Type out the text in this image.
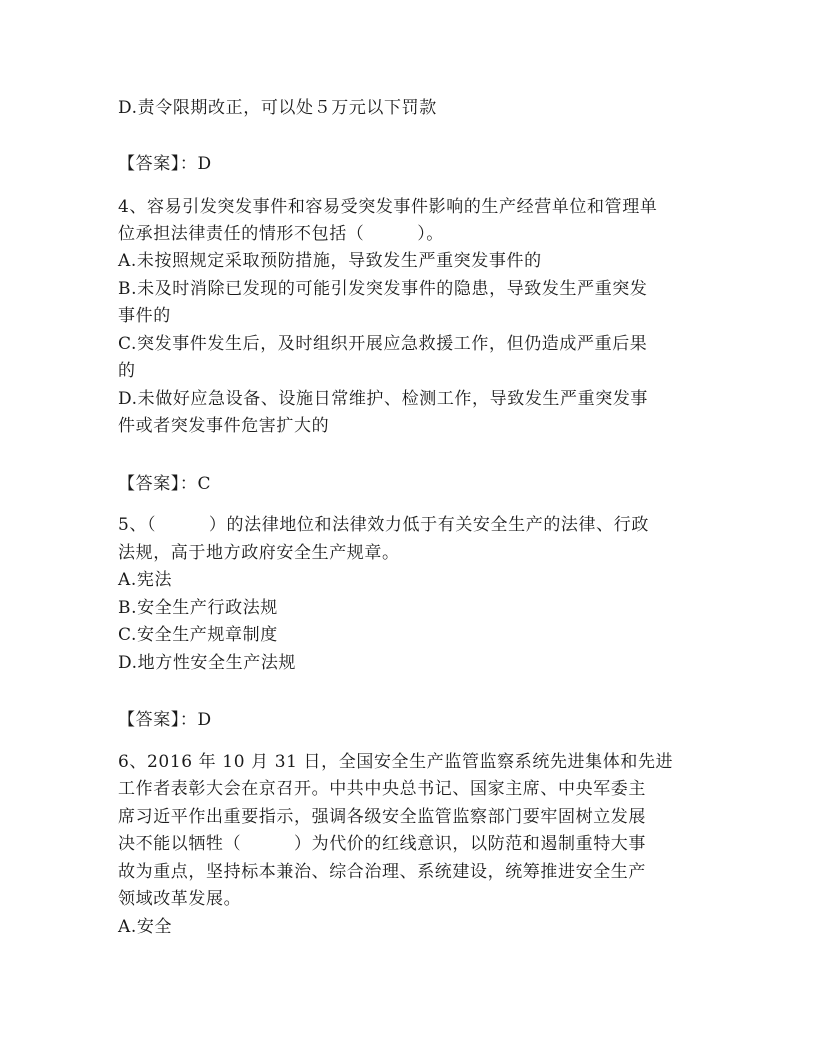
D.责令限期改正，可以处５万元以下罚款
【答案】：D
4、容易引发突发事件和容易受突发事件影响的生产经营单位和管理单
位承担法律责任的情形不包括（　　　）。
A.未按照规定采取预防措施，导致发生严重突发事件的
B.未及时消除已发现的可能引发突发事件的隐患，导致发生严重突发
事件的
C.突发事件发生后，及时组织开展应急救援工作，但仍造成严重后果
的
D.未做好应急设备、设施日常维护、检测工作，导致发生严重突发事
件或者突发事件危害扩大的
【答案】：C
5、（　　　）的法律地位和法律效力低于有关安全生产的法律、行政
法规，高于地方政府安全生产规章。
A.宪法
B.安全生产行政法规
C.安全生产规章制度
D.地方性安全生产法规
【答案】：D
6、2016 年 10 月 31 日，全国安全生产监管监察系统先进集体和先进
工作者表彰大会在京召开。中共中央总书记、国家主席、中央军委主
席习近平作出重要指示，强调各级安全监管监察部门要牢固树立发展
决不能以牺牲（　　　）为代价的红线意识，以防范和遏制重特大事
故为重点，坚持标本兼治、综合治理、系统建设，统筹推进安全生产
领域改革发展。
A.安全
